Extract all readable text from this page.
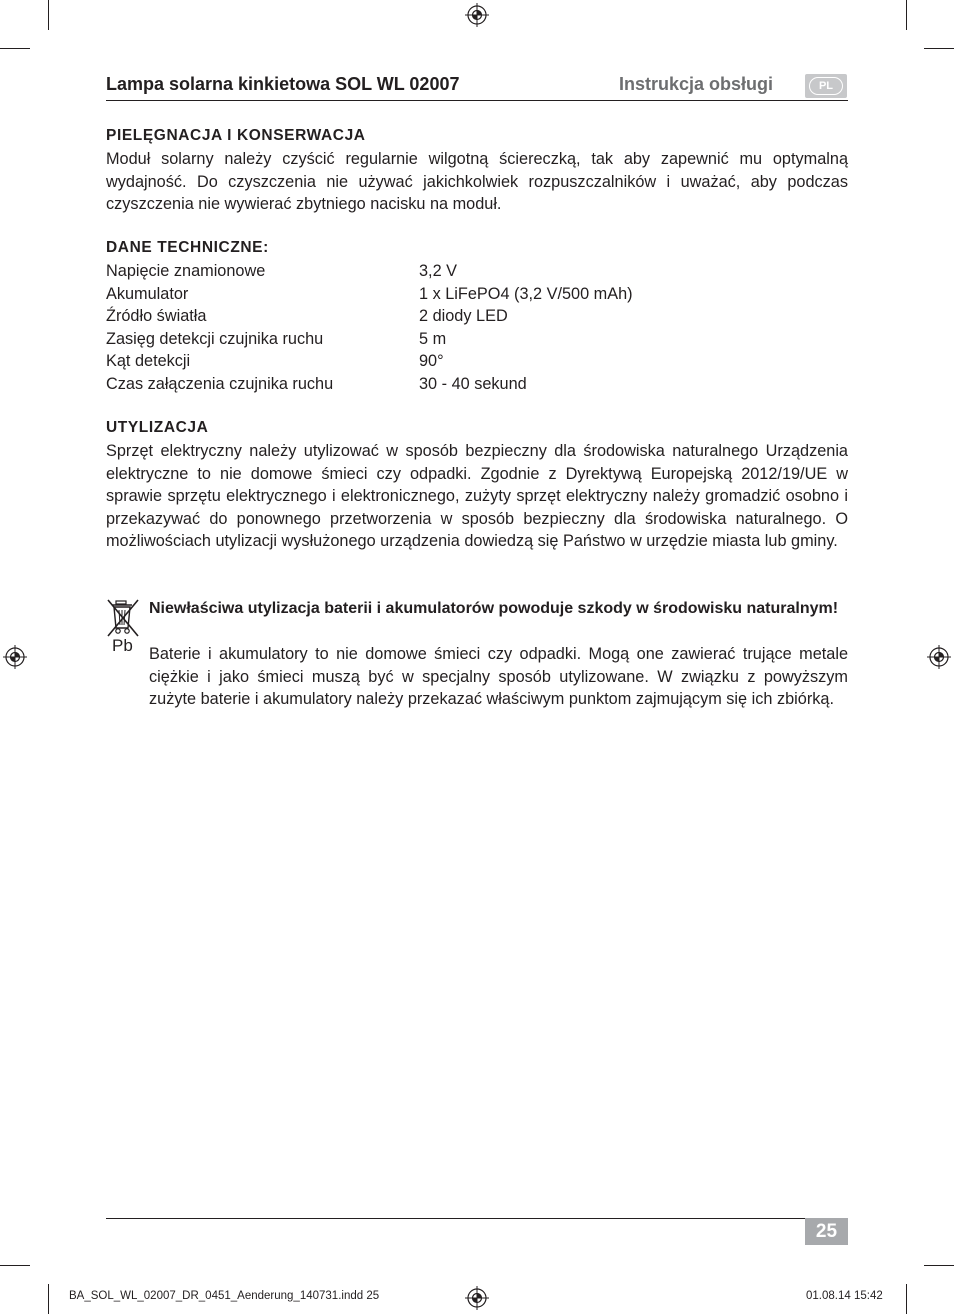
Lampa solarna kinkietowa SOL WL 02007	Instrukcja obsługi	PL
PIELĘGNACJA I KONSERWACJA
Moduł solarny należy czyścić regularnie wilgotną ściereczką, tak aby zapewnić mu optymalną wydajność. Do czyszczenia nie używać jakichkolwiek rozpuszczalników i uważać, aby podczas czyszczenia nie wywierać zbytniego nacisku na moduł.
DANE TECHNICZNE:
Napięcie znamionowe	3,2 V
Akumulator	1 x LiFePO4 (3,2 V/500 mAh)
Źródło światła	2 diody LED
Zasięg detekcji czujnika ruchu	5 m
Kąt detekcji	90°
Czas załączenia czujnika ruchu	30 - 40 sekund
UTYLIZACJA
Sprzęt elektryczny należy utylizować w sposób bezpieczny dla środowiska naturalnego Urządzenia elektryczne to nie domowe śmieci czy odpadki. Zgodnie z Dyrektywą Europejską 2012/19/UE w sprawie sprzętu elektrycznego i elektronicznego, zużyty sprzęt elektryczny należy gromadzić osobno i przekazywać do ponownego przetworzenia w sposób bezpieczny dla środowiska naturalnego. O możliwościach utylizacji wysłużonego urządzenia dowiedzą się Państwo w urzędzie miasta lub gminy.
Pb
Niewłaściwa utylizacja baterii i akumulatorów powoduje szkody w środowisku naturalnym!
Baterie i akumulatory to nie domowe śmieci czy odpadki. Mogą one zawierać trujące metale ciężkie i jako śmieci muszą być w specjalny sposób utylizowane. W związku z powyższym zużyte baterie i akumulatory należy przekazać właściwym punktom zajmującym się ich zbiórką.
25
BA_SOL_WL_02007_DR_0451_Aenderung_140731.indd 25	01.08.14 15:42
